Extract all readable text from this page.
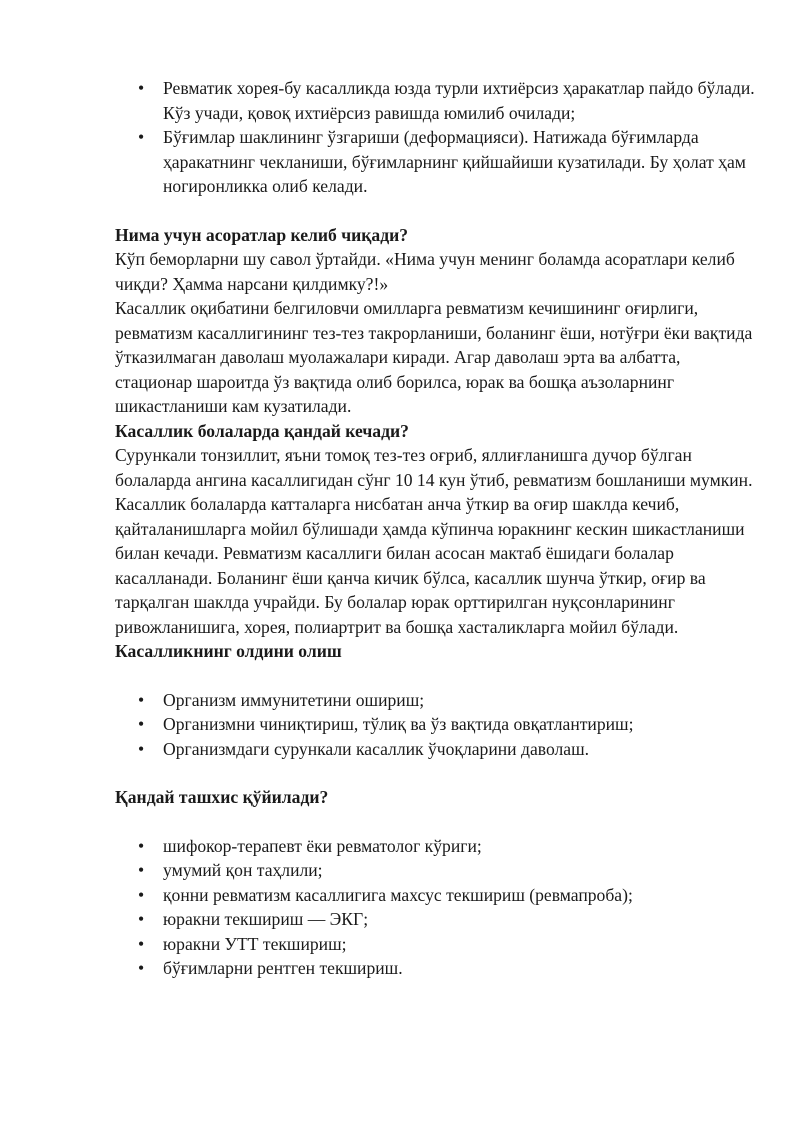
• Ревматик хорея-бу касалликда юзда турли ихтиёрсиз ҳаракатлар пайдо бўлади. Кўз учади, қовоқ ихтиёрсиз равишда юмилиб очилади;
• Бўғимлар шаклининг ўзгариши (деформацияси). Натижада бўғимларда ҳаракатнинг чекланиши, бўғимларнинг қийшайиши кузатилади. Бу ҳолат ҳам ногиронликка олиб келади.
Нима учун асоратлар келиб чиқади?

Кўп беморларни шу савол ўртайди. «Нима учун менинг боламда асоратлари келиб чиқди? Ҳамма нарсани қилдимку?!»

Касаллик оқибатини белгиловчи омилларга ревматизм кечишининг оғирлиги, ревматизм касаллигининг тез-тез такрорланиши, боланинг ёши, нотўғри ёки вақтида ўтказилмаган даволаш муолажалари киради. Агар даволаш эрта ва албатта, стационар шароитда ўз вақтида олиб борилса, юрак ва бошқа аъзоларнинг шикастланиши кам кузатилади.

Касаллик болаларда қандай кечади?

Сурункали тонзиллит, яъни томоқ тез-тез оғриб, яллиғланишга дучор бўлган болаларда ангина касаллигидан сўнг 10 14 кун ўтиб, ревматизм бошланиши мумкин. Касаллик болаларда катталарга нисбатан анча ўткир ва оғир шаклда кечиб, қайталанишларга мойил бўлишади ҳамда кўпинча юракнинг кескин шикастланиши билан кечади. Ревматизм касаллиги билан асосан мактаб ёшидаги болалар касалланади. Боланинг ёши қанча кичик бўлса, касаллик шунча ўткир, оғир ва тарқалган шаклда учрайди. Бу болалар юрак орттирилган нуқсонларининг ривожланишига, хорея, полиартрит ва бошқа хасталикларга мойил бўлади.

Касалликнинг олдини олиш
• Организм иммунитетини ошириш;
• Организмни чиниқтириш, тўлиқ ва ўз вақтида овқатлантириш;
• Организмдаги сурункали касаллик ўчоқларини даволаш.
Қандай ташхис қўйилади?
• шифокор-терапевт ёки ревматолог кўриги;
• умумий қон таҳлили;
• қонни ревматизм касаллигига махсус текшириш (ревмапроба);
• юракни текшириш — ЭКГ;
• юракни УТТ текшириш;
• бўғимларни рентген текшириш.
